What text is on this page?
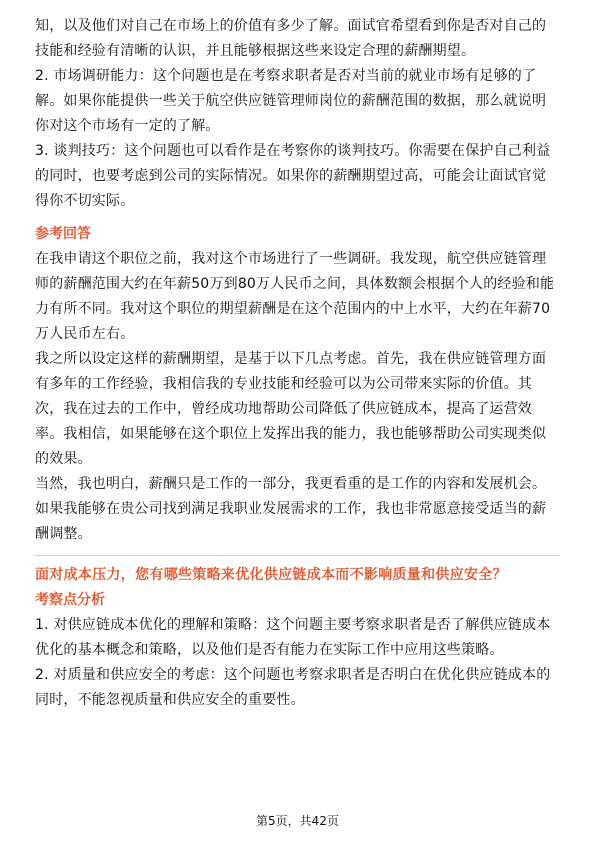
知，以及他们对自己在市场上的价值有多少了解。面试官希望看到你是否对自己的技能和经验有清晰的认识，并且能够根据这些来设定合理的薪酬期望。

2. 市场调研能力：这个问题也是在考察求职者是否对当前的就业市场有足够的了解。如果你能提供一些关于航空供应链管理师岗位的薪酬范围的数据，那么就说明你对这个市场有一定的了解。

3. 谈判技巧：这个问题也可以看作是在考察你的谈判技巧。你需要在保护自己利益的同时，也要考虑到公司的实际情况。如果你的薪酬期望过高，可能会让面试官觉得你不切实际。

参考回答

在我申请这个职位之前，我对这个市场进行了一些调研。我发现，航空供应链管理师的薪酬范围大约在年薪50万到80万人民币之间，具体数额会根据个人的经验和能力有所不同。我对这个职位的期望薪酬是在这个范围内的中上水平，大约在年薪70万人民币左右。

我之所以设定这样的薪酬期望，是基于以下几点考虑。首先，我在供应链管理方面有多年的工作经验，我相信我的专业技能和经验可以为公司带来实际的价值。其次，我在过去的工作中，曾经成功地帮助公司降低了供应链成本，提高了运营效率。我相信，如果能够在这个职位上发挥出我的能力，我也能够帮助公司实现类似的效果。

当然，我也明白，薪酬只是工作的一部分，我更看重的是工作的内容和发展机会。如果我能够在贵公司找到满足我职业发展需求的工作，我也非常愿意接受适当的薪酬调整。

面对成本压力，您有哪些策略来优化供应链成本而不影响质量和供应安全？
考察点分析

1. 对供应链成本优化的理解和策略：这个问题主要考察求职者是否了解供应链成本优化的基本概念和策略，以及他们是否有能力在实际工作中应用这些策略。

2. 对质量和供应安全的考虑：这个问题也考察求职者是否明白在优化供应链成本的同时，不能忽视质量和供应安全的重要性。

第5页，共42页
